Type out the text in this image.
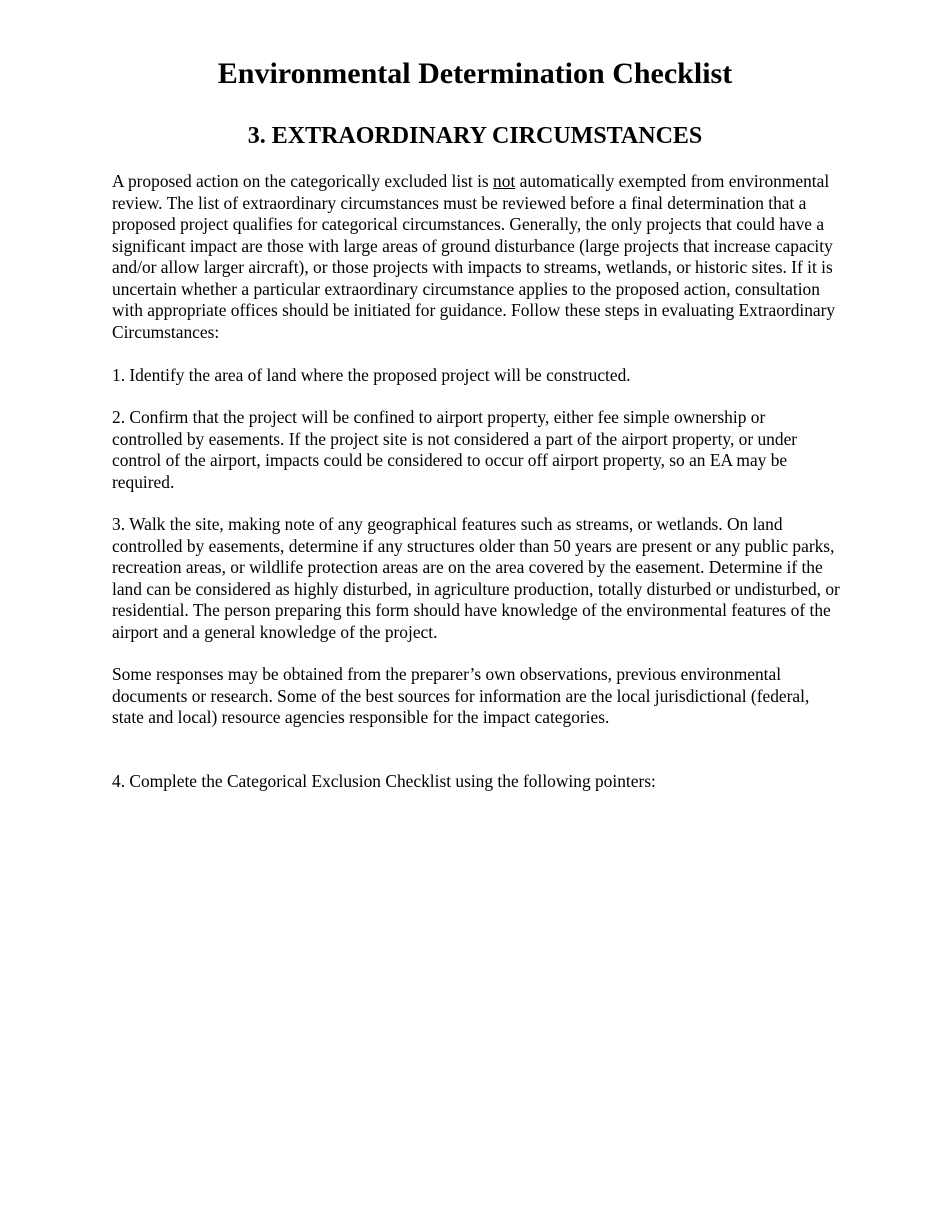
Environmental Determination Checklist
3. EXTRAORDINARY CIRCUMSTANCES

A proposed action on the categorically excluded list is not automatically exempted from environmental review. The list of extraordinary circumstances must be reviewed before a final determination that a proposed project qualifies for categorical circumstances. Generally, the only projects that could have a significant impact are those with large areas of ground disturbance (large projects that increase capacity and/or allow larger aircraft), or those projects with impacts to streams, wetlands, or historic sites. If it is uncertain whether a particular extraordinary circumstance applies to the proposed action, consultation with appropriate offices should be initiated for guidance. Follow these steps in evaluating Extraordinary Circumstances:

1. Identify the area of land where the proposed project will be constructed.

2. Confirm that the project will be confined to airport property, either fee simple ownership or controlled by easements. If the project site is not considered a part of the airport property, or under control of the airport, impacts could be considered to occur off airport property, so an EA may be required.

3. Walk the site, making note of any geographical features such as streams, or wetlands. On land controlled by easements, determine if any structures older than 50 years are present or any public parks, recreation areas, or wildlife protection areas are on the area covered by the easement. Determine if the land can be considered as highly disturbed, in agriculture production, totally disturbed or undisturbed, or residential. The person preparing this form should have knowledge of the environmental features of the airport and a general knowledge of the project.

Some responses may be obtained from the preparer’s own observations, previous environmental documents or research. Some of the best sources for information are the local jurisdictional (federal, state and local) resource agencies responsible for the impact categories.

4. Complete the Categorical Exclusion Checklist using the following pointers:
